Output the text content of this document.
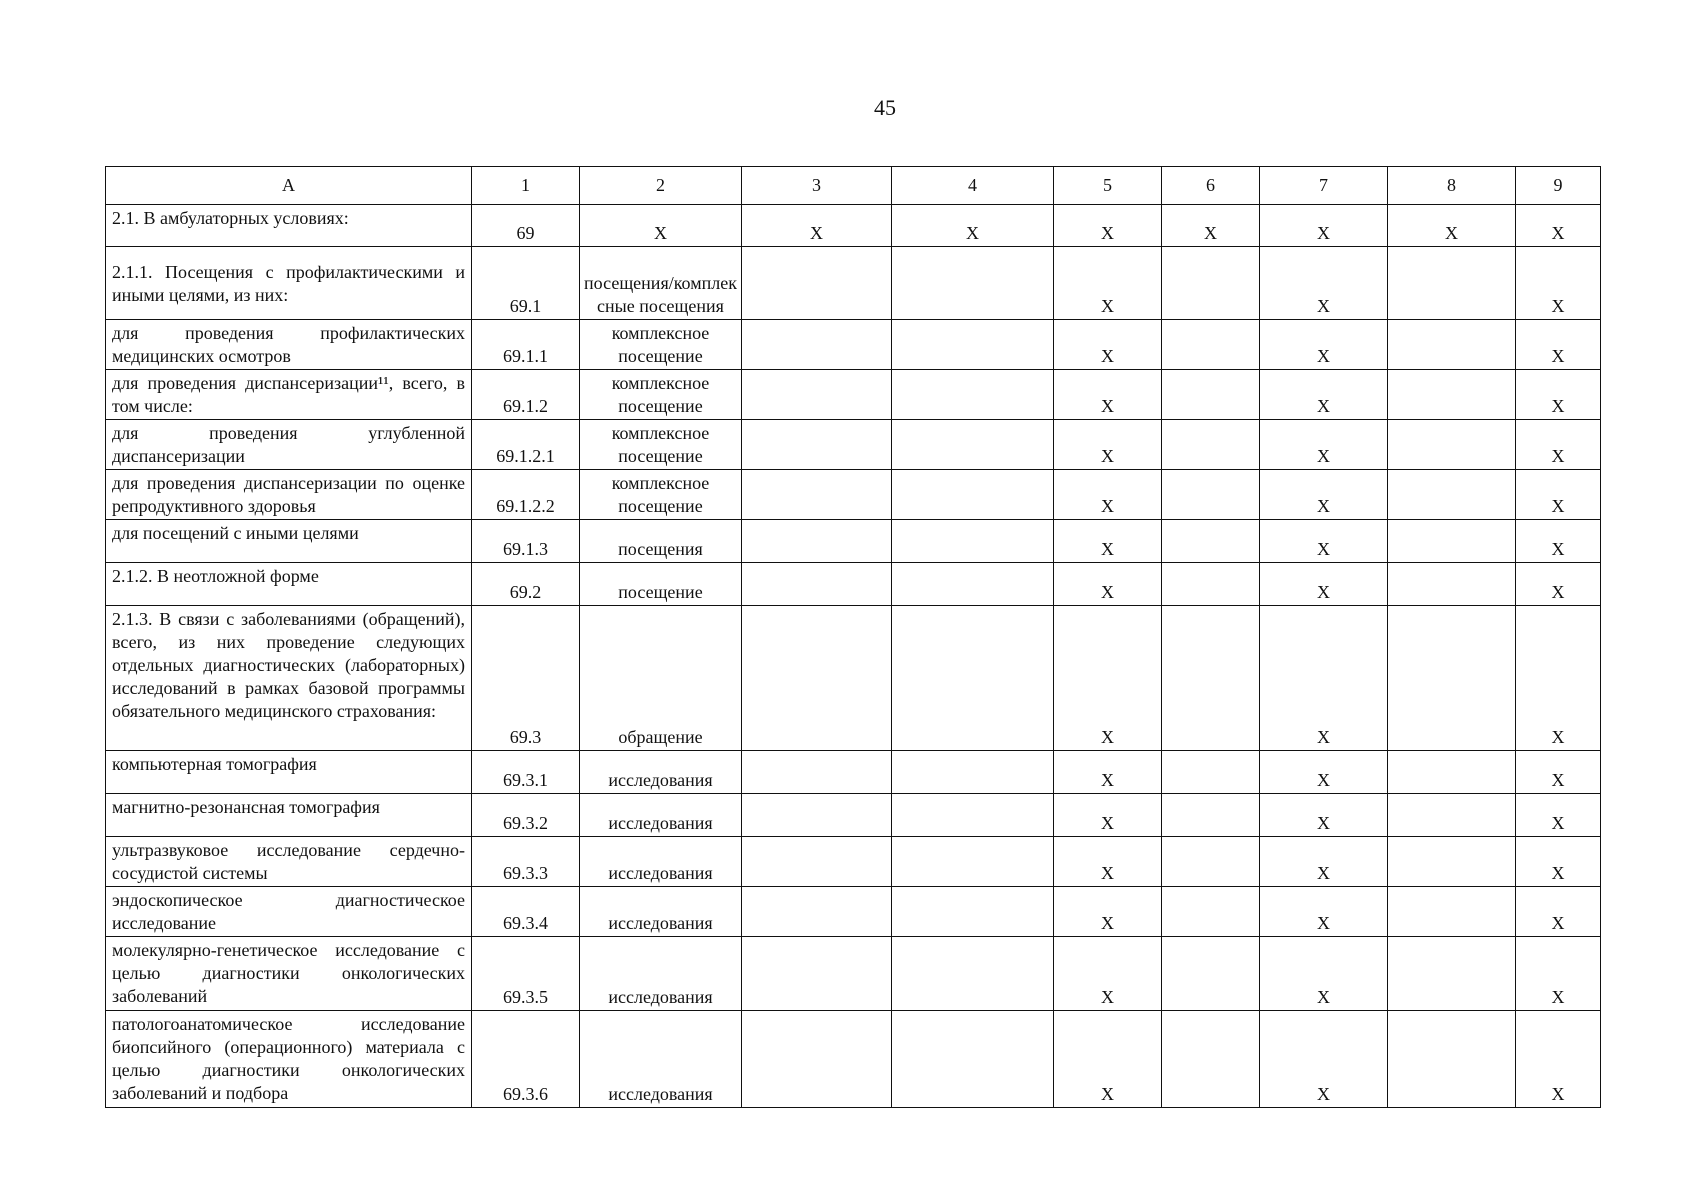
45
А	1	2	3	4	5	6	7	8	9
2.1. В амбулаторных условиях:	69	Х	Х	Х	Х	Х	Х	Х	Х
2.1.1. Посещения с профилактическими и иными целями, из них:	69.1	посещения/комплексные посещения			Х		Х		Х
для проведения профилактических медицинских осмотров	69.1.1	комплексное посещение			Х		Х		Х
для проведения диспансеризации¹¹, всего, в том числе:	69.1.2	комплексное посещение			Х		Х		Х
для проведения углубленной диспансеризации	69.1.2.1	комплексное посещение			Х		Х		Х
для проведения диспансеризации по оценке репродуктивного здоровья	69.1.2.2	комплексное посещение			Х		Х		Х
для посещений с иными целями	69.1.3	посещения			Х		Х		Х
2.1.2. В неотложной форме	69.2	посещение			Х		Х		Х
2.1.3. В связи с заболеваниями (обращений), всего, из них проведение следующих отдельных диагностических (лабораторных) исследований в рамках базовой программы обязательного медицинского страхования:	69.3	обращение			Х		Х		Х
компьютерная томография	69.3.1	исследования			Х		Х		Х
магнитно-резонансная томография	69.3.2	исследования			Х		Х		Х
ультразвуковое исследование сердечно-сосудистой системы	69.3.3	исследования			Х		Х		Х
эндоскопическое диагностическое исследование	69.3.4	исследования			Х		Х		Х
молекулярно-генетическое исследование с целью диагностики онкологических заболеваний	69.3.5	исследования			Х		Х		Х
патологоанатомическое исследование биопсийного (операционного) материала с целью диагностики онкологических заболеваний и подбора	69.3.6	исследования			Х		Х		Х
